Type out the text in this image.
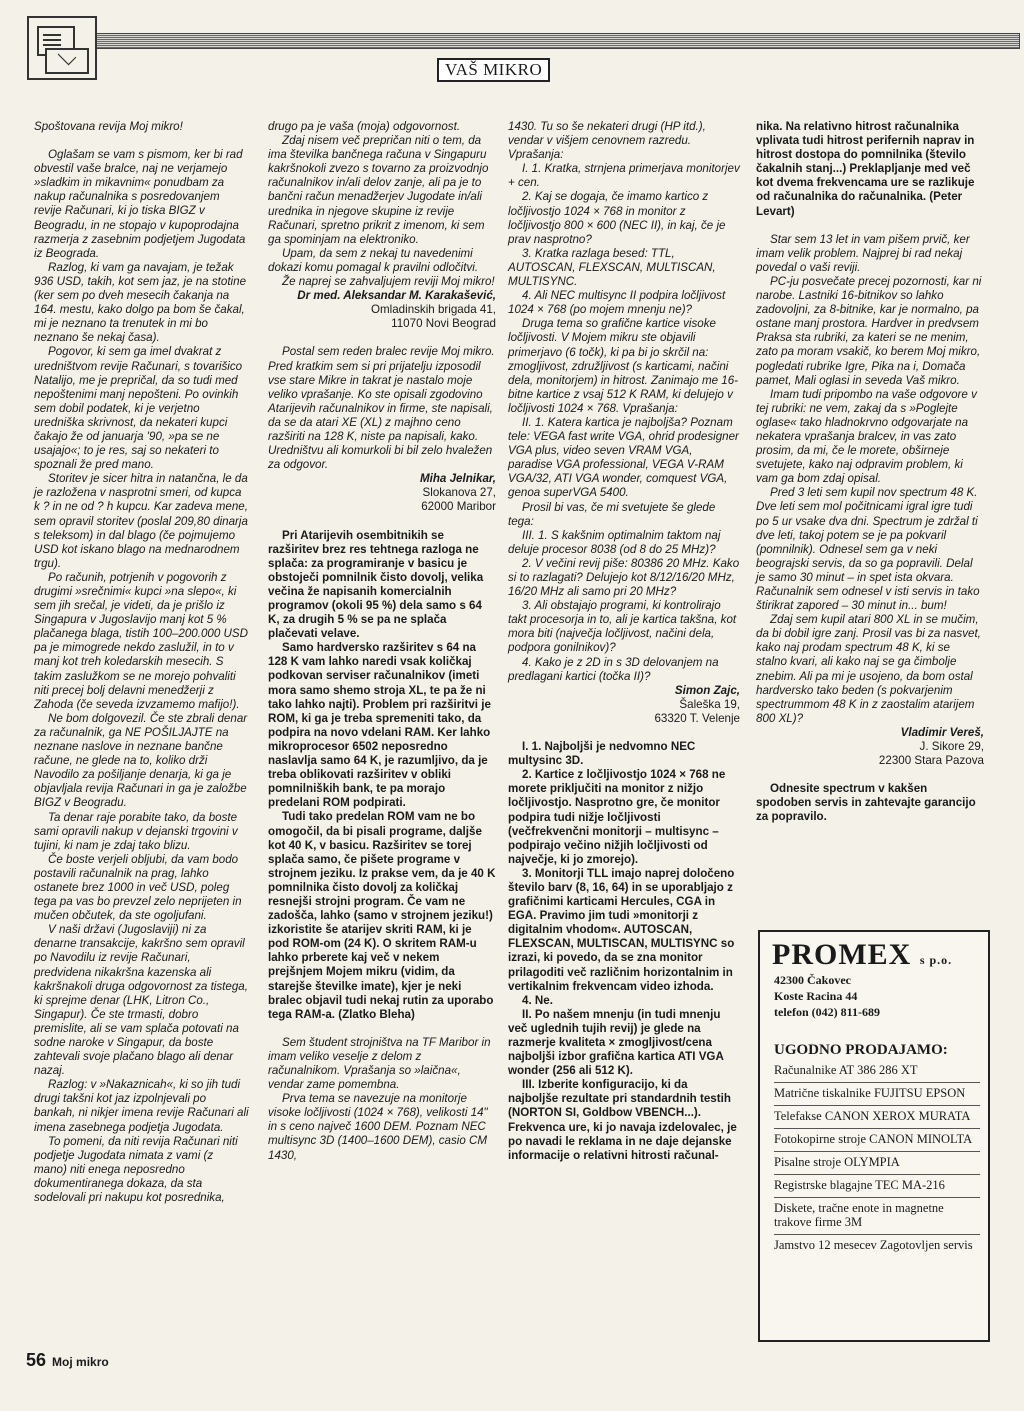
VAŠ MIKRO

Spoštovana revija Moj mikro!

Oglašam se vam s pismom, ker bi rad obvestil vaše bralce, naj ne verjamejo »sladkim in mikavnim« ponudbam za nakup računalnika s posredovanjem revije Računari, ki jo tiska BIGZ v Beogradu, in ne stopajo v kupoprodajna razmerja z zasebnim podjetjem Jugodata iz Beograda.

Razlog, ki vam ga navajam, je težak 936 USD, takih, kot sem jaz, je na stotine (ker sem po dveh mesecih čakanja na 164. mestu, kako dolgo pa bom še čakal, mi je neznano ta trenutek in mi bo neznano še nekaj časa).

Pogovor, ki sem ga imel dvakrat z uredništvom revije Računari, s tovarišico Natalijo, me je prepričal, da so tudi med nepoštenimi manj nepošteni. Po ovinkih sem dobil podatek, ki je verjetno uredniška skrivnost, da nekateri kupci čakajo že od januarja '90, »pa se ne usajajo«; to je res, saj so nekateri to spoznali že pred mano.

Storitev je sicer hitra in natančna, le da je razložena v nasprotni smeri, od kupca k ? in ne od ? h kupcu. Kar zadeva mene, sem opravil storitev (poslal 209,80 dinarja s teleksom) in dal blago (če pojmujemo USD kot iskano blago na mednarodnem trgu).

Po računih, potrjenih v pogovorih z drugimi »srečnimi« kupci »na slepo«, ki sem jih srečal, je videti, da je prišlo iz Singapura v Jugoslavijo manj kot 5 % plačanega blaga, tistih 100–200.000 USD pa je mimogrede nekdo zaslužil, in to v manj kot treh koledarskih mesecih. S takim zaslužkom se ne morejo pohvaliti niti precej bolj delavni menedžerji z Zahoda (če seveda izvzamemo mafijo!).

Ne bom dolgovezil. Če ste zbrali denar za računalnik, ga NE POŠILJAJTE na neznane naslove in neznane bančne račune, ne glede na to, koliko drži Navodilo za pošiljanje denarja, ki ga je objavljala revija Računari in ga je založbe BIGZ v Beogradu.

Ta denar raje porabite tako, da boste sami opravili nakup v dejanski trgovini v tujini, ki nam je zdaj tako blizu.

Če boste verjeli obljubi, da vam bodo postavili računalnik na prag, lahko ostanete brez 1000 in več USD, poleg tega pa vas bo prevzel zelo neprijeten in mučen občutek, da ste ogoljufani.

V naši državi (Jugoslaviji) ni za denarne transakcije, kakršno sem opravil po Navodilu iz revije Računari, predvidena nikakršna kazenska ali kakršnakoli druga odgovornost za tistega, ki sprejme denar (LHK, Litron Co., Singapur). Če ste trmasti, dobro premislite, ali se vam splača potovati na sodne naroke v Singapur, da boste zahtevali svoje plačano blago ali denar nazaj.

Razlog: v »Nakaznicah«, ki so jih tudi drugi takšni kot jaz izpolnjevali po bankah, ni nikjer imena revije Računari ali imena zasebnega podjetja Jugodata.

To pomeni, da niti revija Računari niti podjetje Jugodata nimata z vami (z mano) niti enega neposredno dokumentiranega dokaza, da sta sodelovali pri nakupu kot posrednika,

drugo pa je vaša (moja) odgovornost.

Zdaj nisem več prepričan niti o tem, da ima številka bančnega računa v Singapuru kakršnokoli zvezo s tovarno za proizvodnjo računalnikov in/ali delov zanje, ali pa je to bančni račun menadžerjev Jugodate in/ali urednika in njegove skupine iz revije Računari, spretno prikrit z imenom, ki sem ga spominjam na elektroniko.

Upam, da sem z nekaj tu navedenimi dokazi komu pomagal k pravilni odločitvi.

Že naprej se zahvaljujem reviji Moj mikro!

Dr med. Aleksandar M. Karakašević,

Omladinskih brigada 41,

11070 Novi Beograd

Postal sem reden bralec revije Moj mikro. Pred kratkim sem si pri prijatelju izposodil vse stare Mikre in takrat je nastalo moje veliko vprašanje. Ko ste opisali zgodovino Atarijevih računalnikov in firme, ste napisali, da se da atari XE (XL) z majhno ceno razširiti na 128 K, niste pa napisali, kako. Uredništvu ali komurkoli bi bil zelo hvaležen za odgovor.

Miha Jelnikar,

Slokanova 27,

62000 Maribor

Pri Atarijevih osembitnikih se razširitev brez res tehtnega razloga ne splača: za programiranje v basicu je obstoječi pomnilnik čisto dovolj, velika večina že napisanih komercialnih programov (okoli 95 %) dela samo s 64 K, za drugih 5 % se pa ne splača plačevati velave.

Samo hardversko razširitev s 64 na 128 K vam lahko naredi vsak količkaj podkovan serviser računalnikov (imeti mora samo shemo stroja XL, te pa že ni tako lahko najti). Problem pri razširitvi je ROM, ki ga je treba spremeniti tako, da podpira na novo vdelani RAM. Ker lahko mikroprocesor 6502 neposredno naslavlja samo 64 K, je razumljivo, da je treba oblikovati razširitev v obliki pomnilniških bank, te pa morajo predelani ROM podpirati.

Tudi tako predelan ROM vam ne bo omogočil, da bi pisali programe, daljše kot 40 K, v basicu. Razširitev se torej splača samo, če pišete programe v strojnem jeziku. Iz prakse vem, da je 40 K pomnilnika čisto dovolj za količkaj resnejši strojni program. Če vam ne zadošča, lahko (samo v strojnem jeziku!) izkoristite še atarijev skriti RAM, ki je pod ROM-om (24 K). O skritem RAM-u lahko prberete kaj več v nekem prejšnjem Mojem mikru (vidim, da starejše številke imate), kjer je neki bralec objavil tudi nekaj rutin za uporabo tega RAM-a. (Zlatko Bleha)

Sem študent strojništva na TF Maribor in imam veliko veselje z delom z računalnikom. Vprašanja so »laična«, vendar zame pomembna.

Prva tema se navezuje na monitorje visoke ločljivosti (1024 × 768), velikosti 14" in s ceno največ 1600 DEM. Poznam NEC multisync 3D (1400–1600 DEM), casio CM 1430,

1430. Tu so še nekateri drugi (HP itd.), vendar v višjem cenovnem razredu. Vprašanja:

I. 1. Kratka, strnjena primerjava monitorjev + cen.

2. Kaj se dogaja, če imamo kartico z ločljivostjo 1024 × 768 in monitor z ločljivostjo 800 × 600 (NEC II), in kaj, če je prav nasprotno?

3. Kratka razlaga besed: TTL, AUTOSCAN, FLEXSCAN, MULTISCAN, MULTISYNC.

4. Ali NEC multisync II podpira ločljivost 1024 × 768 (po mojem mnenju ne)?

Druga tema so grafične kartice visoke ločljivosti. V Mojem mikru ste objavili primerjavo (6 točk), ki pa bi jo skrčil na: zmogljivost, združljivost (s karticami, načini dela, monitorjem) in hitrost. Zanimajo me 16-bitne kartice z vsaj 512 K RAM, ki delujejo v ločljivosti 1024 × 768. Vprašanja:

II. 1. Katera kartica je najboljša? Poznam tele: VEGA fast write VGA, ohrid prodesigner VGA plus, video seven VRAM VGA, paradise VGA professional, VEGA V-RAM VGA/32, ATI VGA wonder, comquest VGA, genoa superVGA 5400.

Prosil bi vas, če mi svetujete še glede tega:

III. 1. S kakšnim optimalnim taktom naj deluje procesor 8038 (od 8 do 25 MHz)?

2. V večini revij piše: 80386 20 MHz. Kako si to razlagati? Delujejo kot 8/12/16/20 MHz, 16/20 MHz ali samo pri 20 MHz?

3. Ali obstajajo programi, ki kontrolirajo takt procesorja in to, ali je kartica takšna, kot mora biti (največja ločljivost, načini dela, podpora gonilnikov)?

4. Kako je z 2D in s 3D delovanjem na predlagani kartici (točka II)?

Simon Zajc,

Šaleška 19,

63320 T. Velenje

I. 1. Najboljši je nedvomno NEC multysinc 3D.

2. Kartice z ločljivostjo 1024 × 768 ne morete priključiti na monitor z nižjo ločljivostjo. Nasprotno gre, če monitor podpira tudi nižje ločljivosti (večfrekvenčni monitorji – multisync – podpirajo večino nižjih ločljivosti od največje, ki jo zmorejo).

3. Monitorji TLL imajo naprej določeno število barv (8, 16, 64) in se uporabljajo z grafičnimi karticami Hercules, CGA in EGA. Pravimo jim tudi »monitorji z digitalnim vhodom«. AUTOSCAN, FLEXSCAN, MULTISCAN, MULTISYNC so izrazi, ki povedo, da se zna monitor prilagoditi več različnim horizontalnim in vertikalnim frekvencam video izhoda.

4. Ne.

II. Po našem mnenju (in tudi mnenju več uglednih tujih revij) je glede na razmerje kvaliteta × zmogljivost/cena najboljši izbor grafična kartica ATI VGA wonder (256 ali 512 K).

III. Izberite konfiguracijo, ki da najboljše rezultate pri standardnih testih (NORTON SI, Goldbow VBENCH...). Frekvenca ure, ki jo navaja izdelovalec, je po navadi le reklama in ne daje dejanske informacije o relativni hitrosti računal-

nika. Na relativno hitrost računalnika vplivata tudi hitrost perifernih naprav in hitrost dostopa do pomnilnika (število čakalnih stanj...) Preklapljanje med več kot dvema frekvencama ure se razlikuje od računalnika do računalnika. (Peter Levart)

Star sem 13 let in vam pišem prvič, ker imam velik problem. Najprej bi rad nekaj povedal o vaši reviji.

PC-ju posvečate precej pozornosti, kar ni narobe. Lastniki 16-bitnikov so lahko zadovoljni, za 8-bitnike, kar je normalno, pa ostane manj prostora. Hardver in predvsem Praksa sta rubriki, za kateri se ne menim, zato pa moram vsakič, ko berem Moj mikro, pogledati rubrike Igre, Pika na i, Domača pamet, Mali oglasi in seveda Vaš mikro.

Imam tudi pripombo na vaše odgovore v tej rubriki: ne vem, zakaj da s »Poglejte oglase« tako hladnokrvno odgovarjate na nekatera vprašanja bralcev, in vas zato prosim, da mi, če le morete, obširneje svetujete, kako naj odpravim problem, ki vam ga bom zdaj opisal.

Pred 3 leti sem kupil nov spectrum 48 K. Dve leti sem mol počitnicami igral igre tudi po 5 ur vsake dva dni. Spectrum je zdržal ti dve leti, takoj potem se je pa pokvaril (pomnilnik). Odnesel sem ga v neki beograjski servis, da so ga popravili. Delal je samo 30 minut – in spet ista okvara. Računalnik sem odnesel v isti servis in tako štirikrat zapored – 30 minut in... bum!

Zdaj sem kupil atari 800 XL in se mučim, da bi dobil igre zanj. Prosil vas bi za nasvet, kako naj prodam spectrum 48 K, ki se stalno kvari, ali kako naj se ga čimbolje znebim. Ali pa mi je usojeno, da bom ostal hardversko tako beden (s pokvarjenim spectrummom 48 K in z zaostalim atarijem 800 XL)?

Vladimir Vereš,

J. Sikore 29,

22300 Stara Pazova

Odnesite spectrum v kakšen spodoben servis in zahtevajte garancijo za popravilo.

PROMEX s p.o.
42300 Čakovec
Koste Racina 44
telefon (042) 811-689
UGODNO PRODAJAMO:
Računalnike AT 386 286 XT
Matrične tiskalnike FUJITSU EPSON
Telefakse CANON XEROX MURATA
Fotokopirne stroje CANON MINOLTA
Pisalne stroje OLYMPIA
Registrske blagajne TEC MA-216
Diskete, tračne enote in magnetne trakove firme 3M
Jamstvo 12 mesecev Zagotovljen servis
56 Moj mikro
